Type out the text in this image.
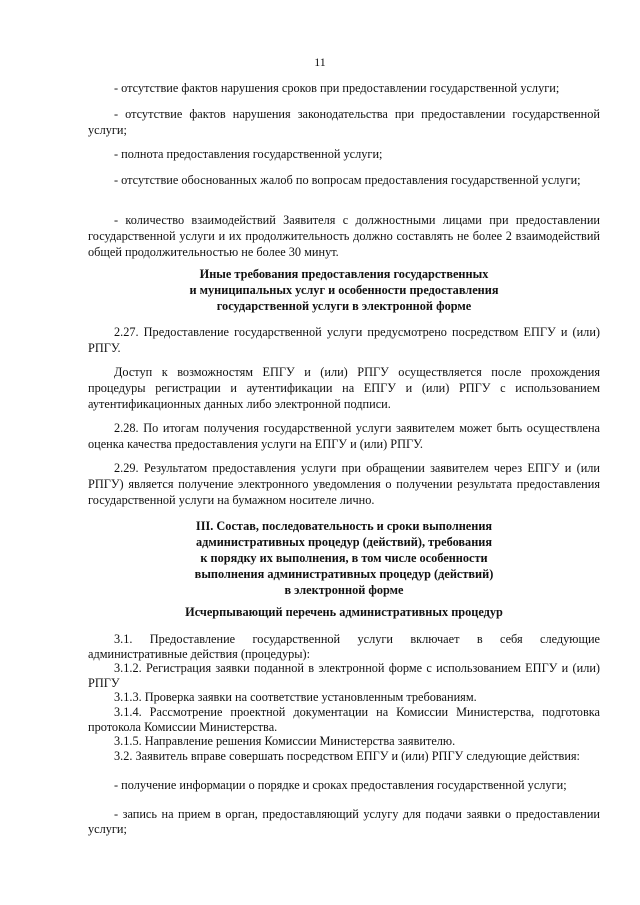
11
- отсутствие фактов нарушения сроков при предоставлении государственной услуги;
- отсутствие фактов нарушения законодательства при предоставлении государственной услуги;
- полнота предоставления государственной услуги;
- отсутствие обоснованных жалоб по вопросам предоставления государственной услуги;
- количество взаимодействий Заявителя с должностными лицами при предоставлении государственной услуги и их продолжительность должно составлять не более 2 взаимодействий общей продолжительностью не более 30 минут.
Иные требования предоставления государственных
и муниципальных услуг и особенности предоставления
государственной услуги в электронной форме
2.27. Предоставление государственной услуги предусмотрено посредством ЕПГУ и (или) РПГУ.
Доступ к возможностям ЕПГУ и (или) РПГУ осуществляется после прохождения процедуры регистрации и аутентификации на ЕПГУ и (или) РПГУ с использованием аутентификационных данных либо электронной подписи.
2.28. По итогам получения государственной услуги заявителем может быть осуществлена оценка качества предоставления услуги на ЕПГУ и (или) РПГУ.
2.29. Результатом предоставления услуги при обращении заявителем через ЕПГУ и (или РПГУ) является получение электронного уведомления о получении результата предоставления государственной услуги на бумажном носителе лично.
III. Состав, последовательность и сроки выполнения
административных процедур (действий), требования
к порядку их выполнения, в том числе особенности
выполнения административных процедур (действий)
в электронной форме
Исчерпывающий перечень административных процедур
3.1. Предоставление государственной услуги включает в себя следующие административные действия (процедуры):
3.1.2. Регистрация заявки поданной в электронной форме с использованием ЕПГУ и (или) РПГУ
3.1.3. Проверка заявки на соответствие установленным требованиям.
3.1.4. Рассмотрение проектной документации на Комиссии Министерства, подготовка протокола Комиссии Министерства.
3.1.5. Направление решения Комиссии Министерства заявителю.
3.2. Заявитель вправе совершать посредством ЕПГУ и (или) РПГУ следующие действия:
- получение информации о порядке и сроках предоставления государственной услуги;
- запись на прием в орган, предоставляющий услугу для подачи заявки о предоставлении услуги;
